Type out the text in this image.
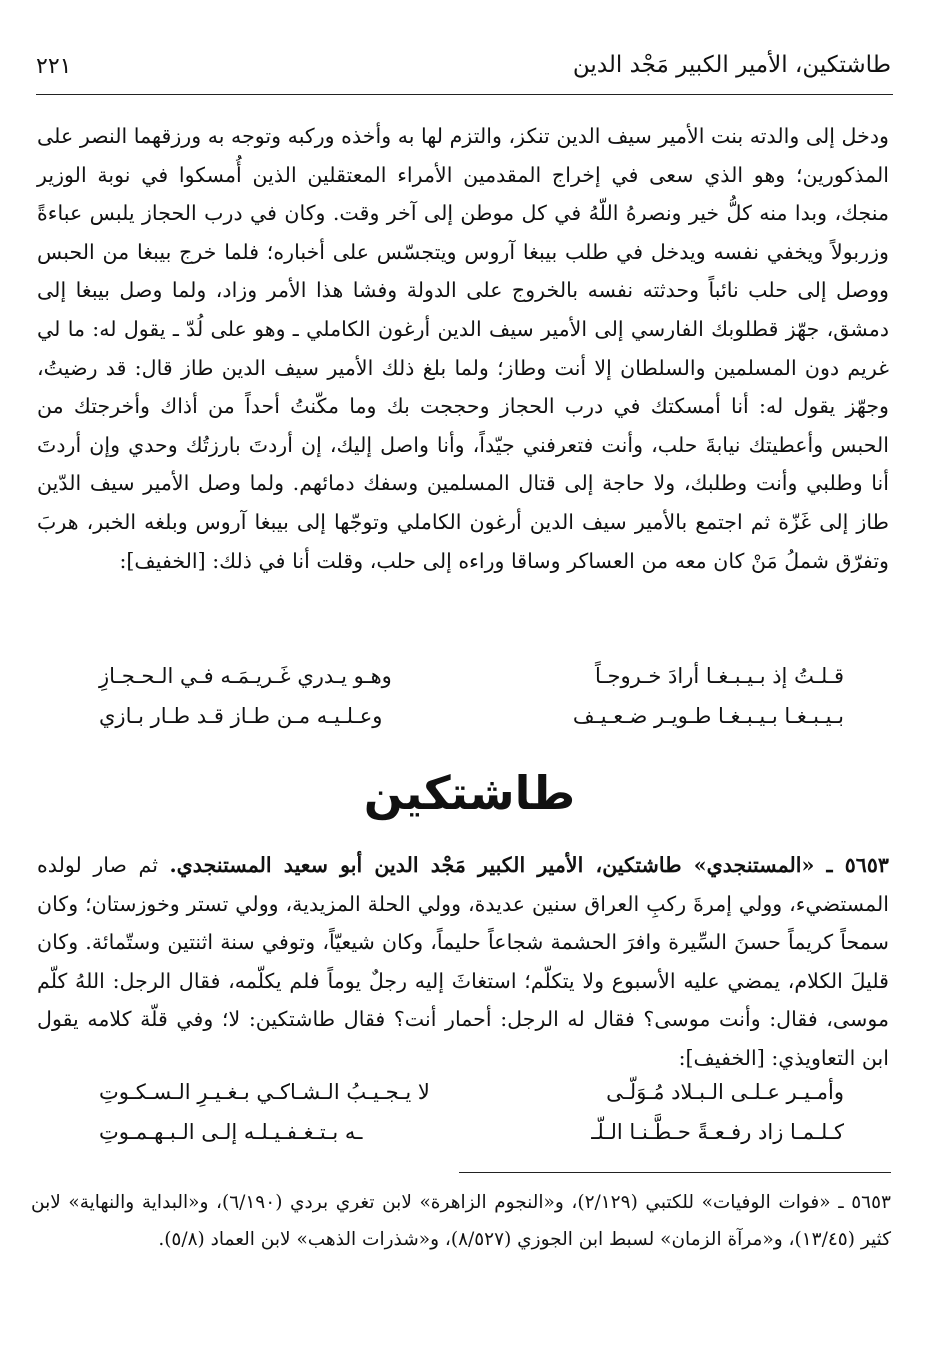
طاشتكين، الأمير الكبير مَجْد الدين
٢٢١

ودخل إلى والدته بنت الأمير سيف الدين تنكز، والتزم لها به وأخذه وركبه وتوجه به ورزقهما النصر على المذكورين؛ وهو الذي سعى في إخراج المقدمين الأمراء المعتقلين الذين أُمسكوا في نوبة الوزير منجك، وبدا منه كلُّ خير ونصرهُ اللّهُ في كل موطن إلى آخر وقت. وكان في درب الحجاز يلبس عباءةً وزربولاً ويخفي نفسه ويدخل في طلب بيبغا آروس ويتجسّس على أخباره؛ فلما خرج بيبغا من الحبس ووصل إلى حلب نائباً وحدثته نفسه بالخروج على الدولة وفشا هذا الأمر وزاد، ولما وصل بيبغا إلى دمشق، جهّز قطلوبك الفارسي إلى الأمير سيف الدين أرغون الكاملي ـ وهو على لُدّ ـ يقول له: ما لي غريم دون المسلمين والسلطان إلا أنت وطاز؛ ولما بلغ ذلك الأمير سيف الدين طاز قال: قد رضيتُ، وجهّز يقول له: أنا أمسكتك في درب الحجاز وحججت بك وما مكّنتُ أحداً من أذاك وأخرجتك من الحبس وأعطيتك نيابةَ حلب، وأنت فتعرفني جيّداً، وأنا واصل إليك، إن أردتَ بارزتُك وحدي وإن أردتَ أنا وطلبي وأنت وطلبك، ولا حاجة إلى قتال المسلمين وسفك دمائهم. ولما وصل الأمير سيف الدّين طاز إلى غَزّة ثم اجتمع بالأمير سيف الدين أرغون الكاملي وتوجّها إلى بيبغا آروس وبلغه الخبر، هربَ وتفرّق شملُ مَنْ كان معه من العساكر وساقا وراءه إلى حلب، وقلت أنا في ذلك: [الخفيف]:

قـلـتُ إذ بـيـبـغـا أرادَ خـروجـاً
وهـو يـدري غَـريـمَـه فـي الـحـجـازِ
بـيـبـغـا بـيـبـغـا طـويـر ضـعـيـف
وعـلـيـه مـن طـاز قـد طـار بـازي
طاشتكين

٥٦٥٣ ـ «المستنجدي» طاشتكين، الأمير الكبير مَجْد الدين أبو سعيد المستنجدي. ثم صار لولده المستضيء، وولي إمرةَ ركبِ العراق سنين عديدة، وولي الحلة المزيدية، وولي تستر وخوزستان؛ وكان سمحاً كريماً حسنَ السِّيرة وافرَ الحشمة شجاعاً حليماً، وكان شيعيّاً، وتوفي سنة اثنتين وستّمائة. وكان قليلَ الكلام، يمضي عليه الأسبوع ولا يتكلّم؛ استغاثَ إليه رجلٌ يوماً فلم يكلّمه، فقال الرجل: اللهُ كلّم موسى، فقال: وأنت موسى؟ فقال له الرجل: أحمار أنت؟ فقال طاشتكين: لا؛ وفي قلّة كلامه يقول ابن التعاويذي: [الخفيف]:

وأمـيـر عـلـى الـبـلاد مُـوَلّـى
لا يـجـيـبُ الـشـاكـي بـغـيـرِ الـسـكـوتِ
كـلـمـا زاد رفـعـةً حـطَّـنـا الـلّـ
ـه بـتـغـفـيـلـه إلـى الـبـهـمـوتِ

٥٦٥٣ ـ «فوات الوفيات» للكتبي (٢/١٢٩)، و«النجوم الزاهرة» لابن تغري بردي (٦/١٩٠)، و«البداية والنهاية» لابن كثير (١٣/٤٥)، و«مرآة الزمان» لسبط ابن الجوزي (٨/٥٢٧)، و«شذرات الذهب» لابن العماد (٥/٨).
